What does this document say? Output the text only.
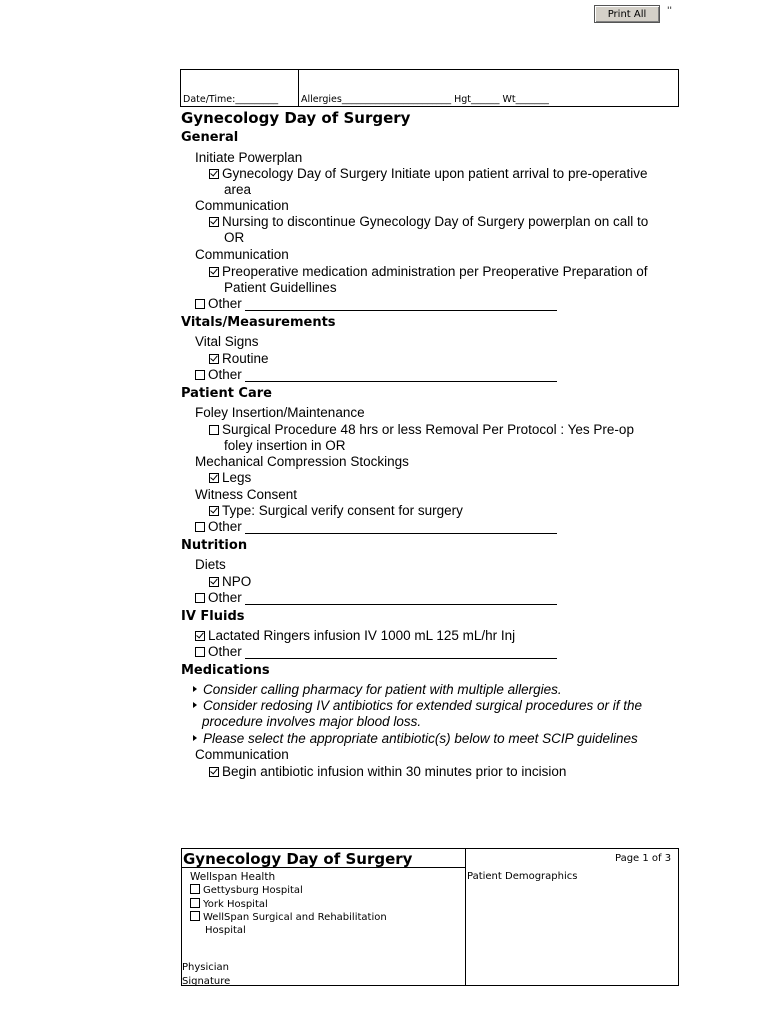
Print All	''
Date/Time:_________ Allergies_______________________ Hgt______ Wt_______
Gynecology Day of Surgery
General
Initiate Powerplan
Gynecology Day of Surgery Initiate upon patient arrival to pre-operative
area
Communication
Nursing to discontinue Gynecology Day of Surgery powerplan on call to
OR
Communication
Preoperative medication administration per Preoperative Preparation of
Patient Guidellines
Other
Vitals/Measurements
Vital Signs
Routine
Other
Patient Care
Foley Insertion/Maintenance
Surgical Procedure 48 hrs or less Removal Per Protocol : Yes Pre-op
foley insertion in OR
Mechanical Compression Stockings
Legs
Witness Consent
Type: Surgical verify consent for surgery
Other
Nutrition
Diets
NPO
Other
IV Fluids
Lactated Ringers infusion IV 1000 mL 125 mL/hr Inj
Other
Medications
Consider calling pharmacy for patient with multiple allergies.
Consider redosing IV antibiotics for extended surgical procedures or if the
procedure involves major blood loss.
Please select the appropriate antibiotic(s) below to meet SCIP guidelines
Communication
Begin antibiotic infusion within 30 minutes prior to incision
Gynecology Day of Surgery	Page 1 of 3
Wellspan Health	Patient Demographics
Gettysburg Hospital
York Hospital
WellSpan Surgical and Rehabilitation
Hospital
Physician
Signature
